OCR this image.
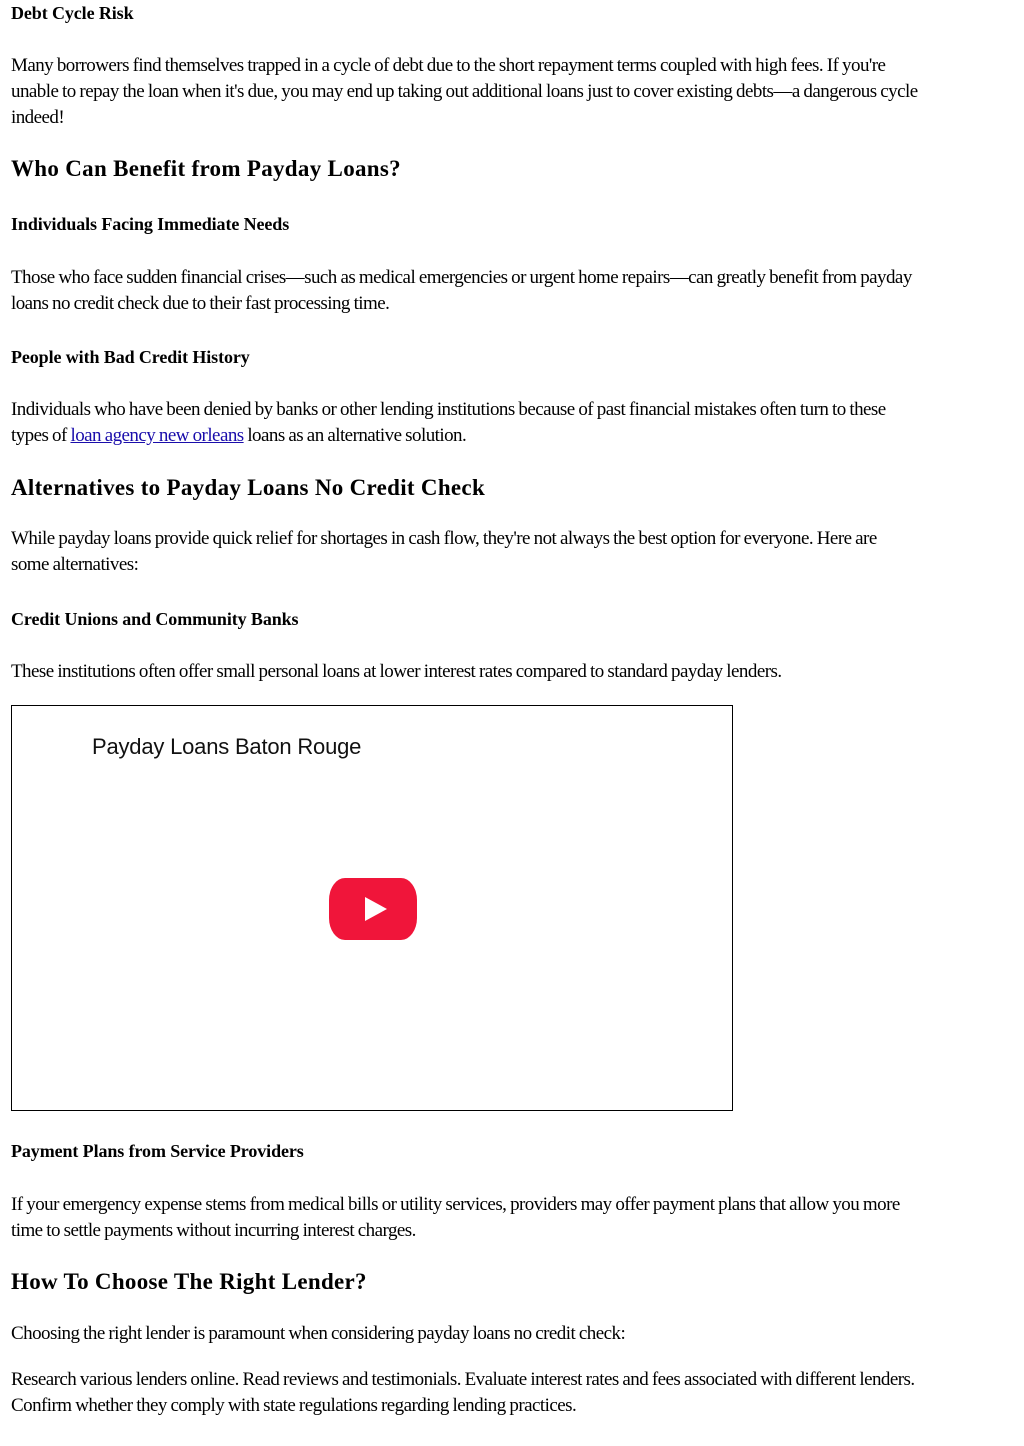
Debt Cycle Risk

Many borrowers find themselves trapped in a cycle of debt due to the short repayment terms coupled with high fees. If you're

unable to repay the loan when it's due, you may end up taking out additional loans just to cover existing debts—a dangerous cycle

indeed!

Who Can Benefit from Payday Loans?
Individuals Facing Immediate Needs

Those who face sudden financial crises—such as medical emergencies or urgent home repairs—can greatly benefit from payday

loans no credit check due to their fast processing time.

People with Bad Credit History

Individuals who have been denied by banks or other lending institutions because of past financial mistakes often turn to these

types of loan agency new orleans loans as an alternative solution.

Alternatives to Payday Loans No Credit Check

While payday loans provide quick relief for shortages in cash flow, they're not always the best option for everyone. Here are

some alternatives:

Credit Unions and Community Banks

These institutions often offer small personal loans at lower interest rates compared to standard payday lenders.

Payday Loans Baton Rouge
Payment Plans from Service Providers

If your emergency expense stems from medical bills or utility services, providers may offer payment plans that allow you more

time to settle payments without incurring interest charges.

How To Choose The Right Lender?

Choosing the right lender is paramount when considering payday loans no credit check:

Research various lenders online. Read reviews and testimonials. Evaluate interest rates and fees associated with different lenders.

Confirm whether they comply with state regulations regarding lending practices.
